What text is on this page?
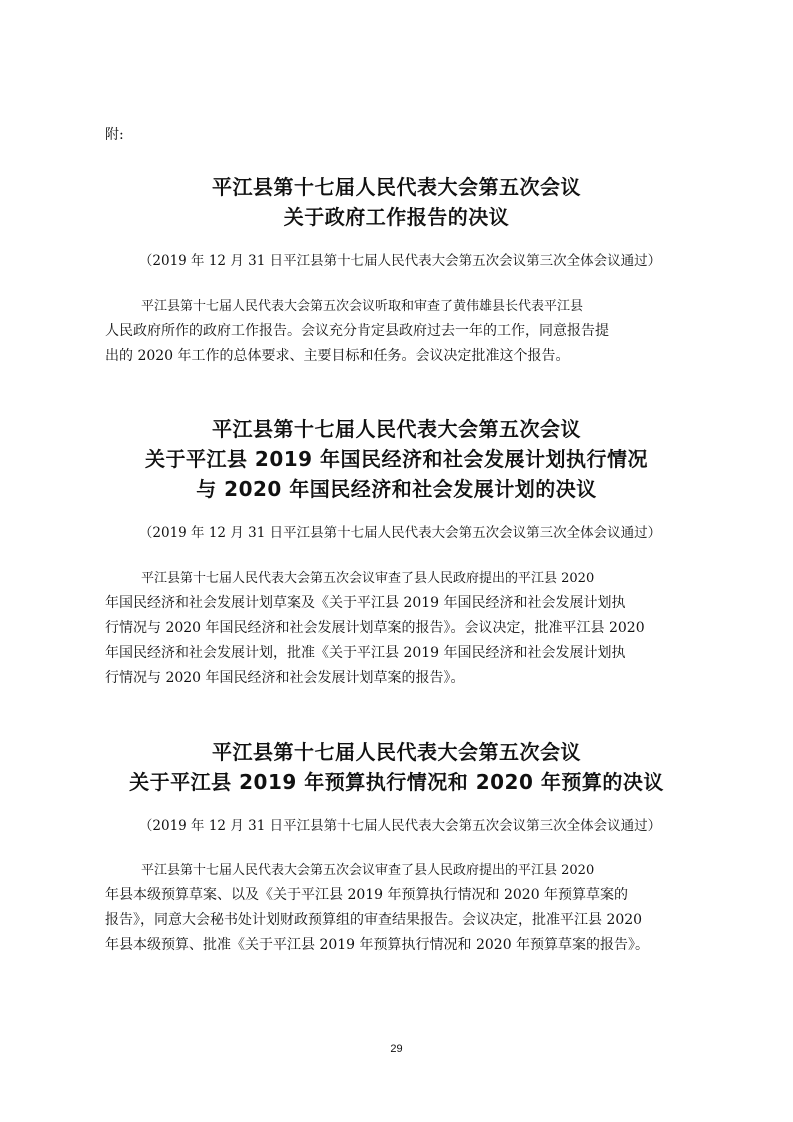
附:
平江县第十七届人民代表大会第五次会议
关于政府工作报告的决议
（2019 年 12 月 31 日平江县第十七届人民代表大会第五次会议第三次全体会议通过）
平江县第十七届人民代表大会第五次会议听取和审查了黄伟雄县长代表平江县
人民政府所作的政府工作报告。会议充分肯定县政府过去一年的工作，同意报告提
出的 2020 年工作的总体要求、主要目标和任务。会议决定批准这个报告。
平江县第十七届人民代表大会第五次会议
关于平江县 2019 年国民经济和社会发展计划执行情况
与 2020 年国民经济和社会发展计划的决议
（2019 年 12 月 31 日平江县第十七届人民代表大会第五次会议第三次全体会议通过）
平江县第十七届人民代表大会第五次会议审查了县人民政府提出的平江县 2020
年国民经济和社会发展计划草案及《关于平江县 2019 年国民经济和社会发展计划执
行情况与 2020 年国民经济和社会发展计划草案的报告》。会议决定，批准平江县 2020
年国民经济和社会发展计划，批准《关于平江县 2019 年国民经济和社会发展计划执
行情况与 2020 年国民经济和社会发展计划草案的报告》。
平江县第十七届人民代表大会第五次会议
关于平江县 2019 年预算执行情况和 2020 年预算的决议
（2019 年 12 月 31 日平江县第十七届人民代表大会第五次会议第三次全体会议通过）
平江县第十七届人民代表大会第五次会议审查了县人民政府提出的平江县 2020
年县本级预算草案、以及《关于平江县 2019 年预算执行情况和 2020 年预算草案的
报告》，同意大会秘书处计划财政预算组的审查结果报告。会议决定，批准平江县 2020
年县本级预算、批准《关于平江县 2019 年预算执行情况和 2020 年预算草案的报告》。
29
